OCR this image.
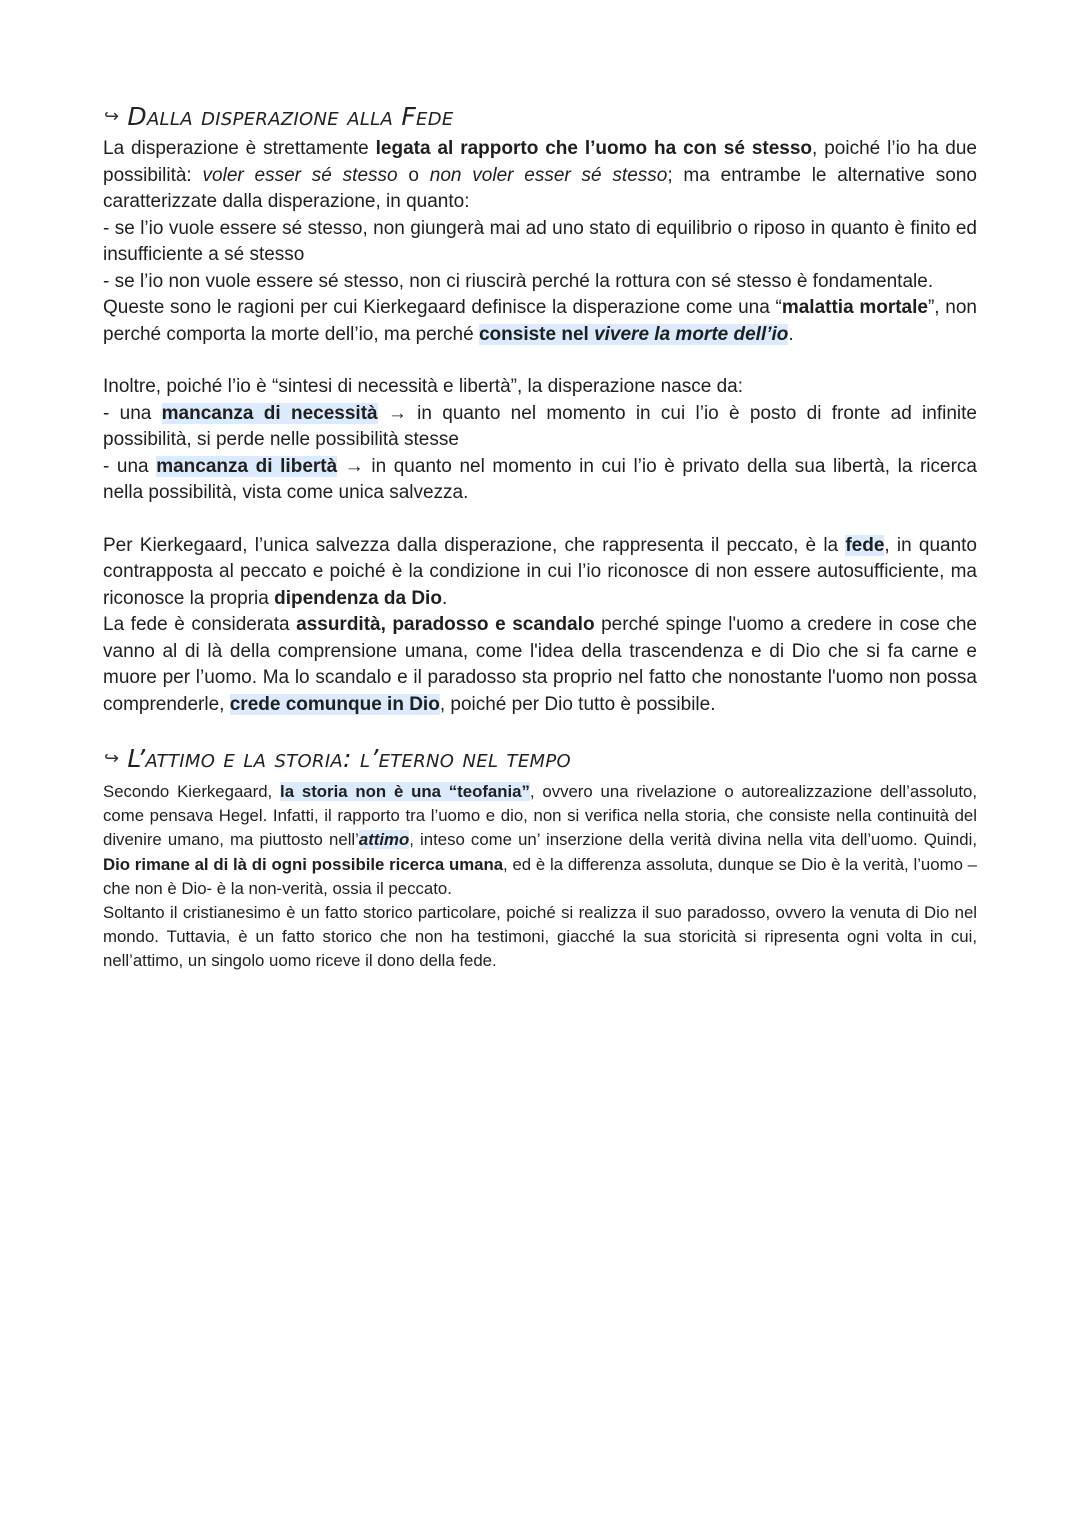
↪ Dalla disperazione alla Fede

La disperazione è strettamente legata al rapporto che l’uomo ha con sé stesso, poiché l’io ha due possibilità: voler esser sé stesso o non voler esser sé stesso; ma entrambe le alternative sono caratterizzate dalla disperazione, in quanto:

- se l’io vuole essere sé stesso, non giungerà mai ad uno stato di equilibrio o riposo in quanto è finito ed insufficiente a sé stesso

- se l’io non vuole essere sé stesso, non ci riuscirà perché la rottura con sé stesso è fondamentale.

Queste sono le ragioni per cui Kierkegaard definisce la disperazione come una “malattia mortale”, non perché comporta la morte dell’io, ma perché consiste nel vivere la morte dell’io.

Inoltre, poiché l’io è “sintesi di necessità e libertà”, la disperazione nasce da:

- una mancanza di necessità → in quanto nel momento in cui l’io è posto di fronte ad infinite possibilità, si perde nelle possibilità stesse

- una mancanza di libertà → in quanto nel momento in cui l’io è privato della sua libertà, la ricerca nella possibilità, vista come unica salvezza.

Per Kierkegaard, l’unica salvezza dalla disperazione, che rappresenta il peccato, è la fede, in quanto contrapposta al peccato e poiché è la condizione in cui l’io riconosce di non essere autosufficiente, ma riconosce la propria dipendenza da Dio.

La fede è considerata assurdità, paradosso e scandalo perché spinge l'uomo a credere in cose che vanno al di là della comprensione umana, come l'idea della trascendenza e di Dio che si fa carne e muore per l’uomo. Ma lo scandalo e il paradosso sta proprio nel fatto che nonostante l'uomo non possa comprenderle, crede comunque in Dio, poiché per Dio tutto è possibile.

↪ L’attimo e la storia: l’eterno nel tempo

Secondo Kierkegaard, la storia non è una “teofania”, ovvero una rivelazione o autorealizzazione dell’assoluto, come pensava Hegel. Infatti, il rapporto tra l’uomo e dio, non si verifica nella storia, che consiste nella continuità del divenire umano, ma piuttosto nell’attimo, inteso come un’ inserzione della verità divina nella vita dell’uomo. Quindi, Dio rimane al di là di ogni possibile ricerca umana, ed è la differenza assoluta, dunque se Dio è la verità, l’uomo –che non è Dio- è la non-verità, ossia il peccato.

Soltanto il cristianesimo è un fatto storico particolare, poiché si realizza il suo paradosso, ovvero la venuta di Dio nel mondo. Tuttavia, è un fatto storico che non ha testimoni, giacché la sua storicità si ripresenta ogni volta in cui, nell’attimo, un singolo uomo riceve il dono della fede.
